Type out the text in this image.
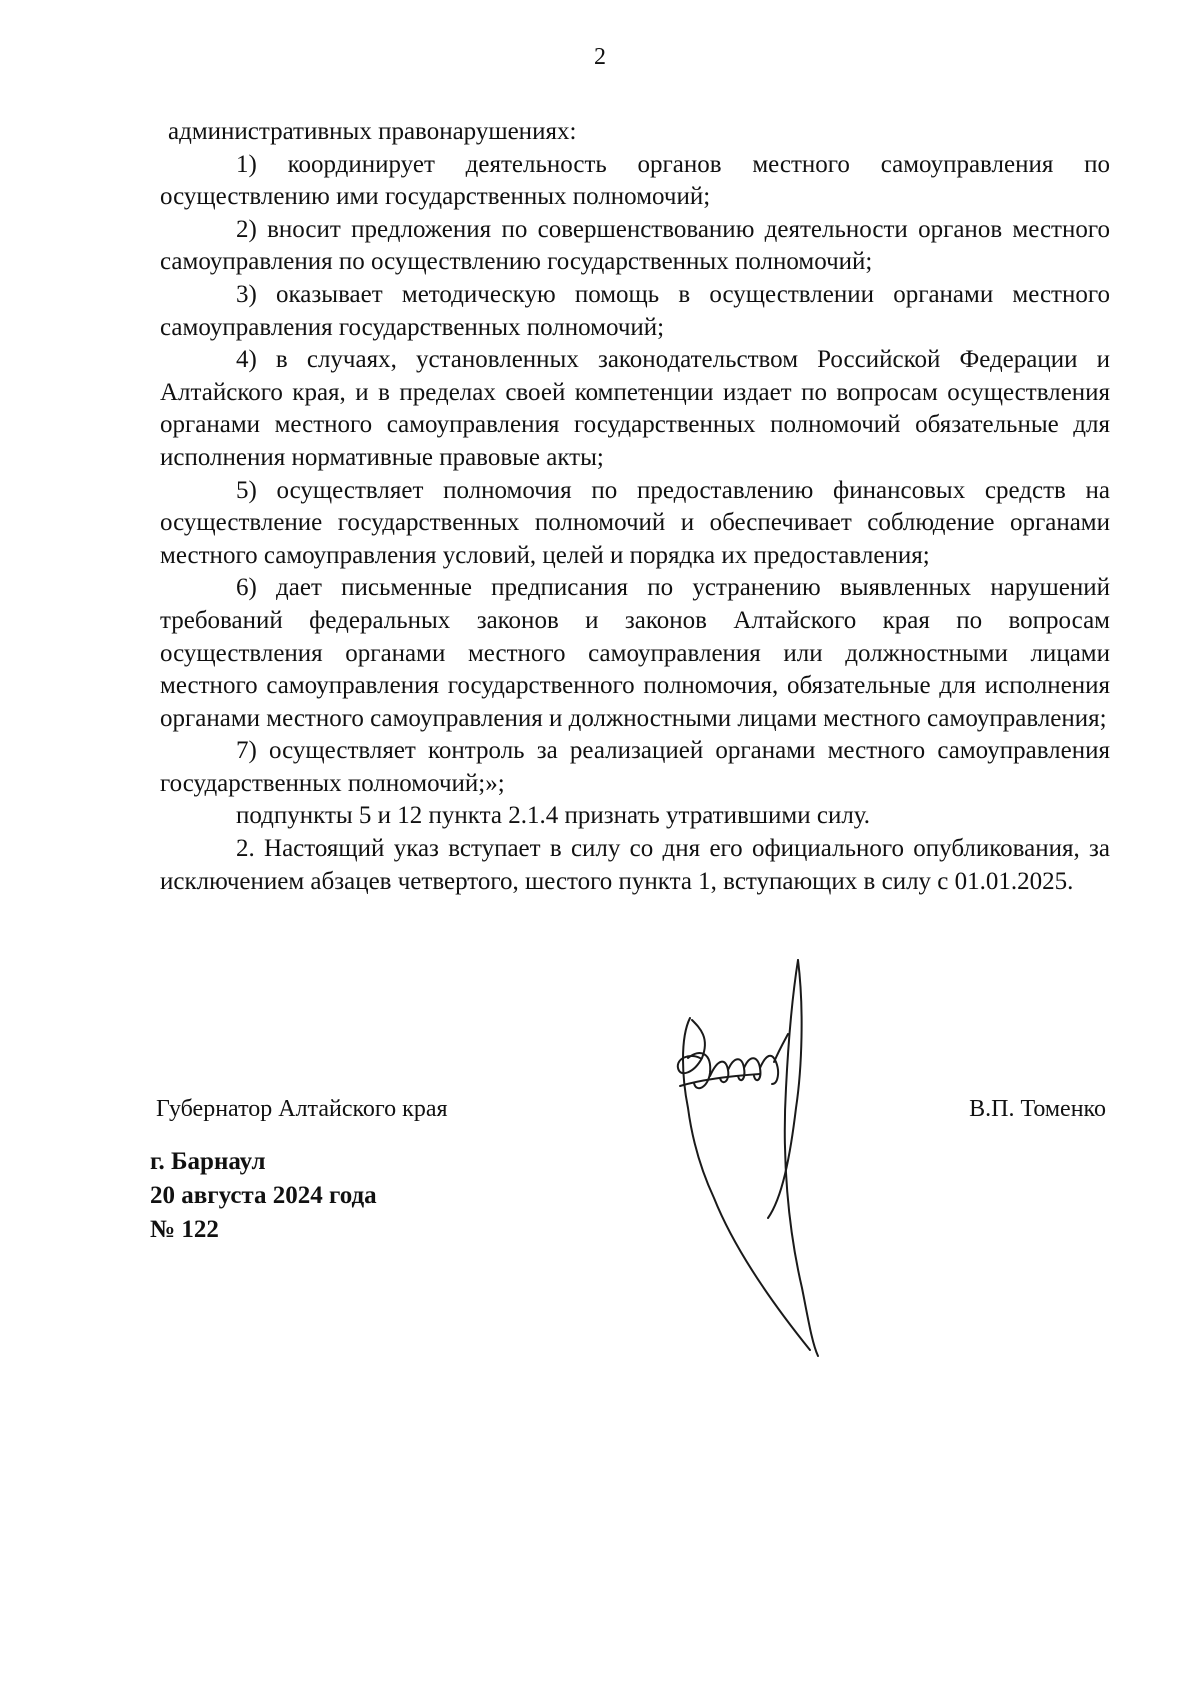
2

административных правонарушениях:

1) координирует деятельность органов местного самоуправления по осуществлению ими государственных полномочий;

2) вносит предложения по совершенствованию деятельности органов местного самоуправления по осуществлению государственных полномочий;

3) оказывает методическую помощь в осуществлении органами местного самоуправления государственных полномочий;

4) в случаях, установленных законодательством Российской Федерации и Алтайского края, и в пределах своей компетенции издает по вопросам осуществления органами местного самоуправления государственных полномочий обязательные для исполнения нормативные правовые акты;

5) осуществляет полномочия по предоставлению финансовых средств на осуществление государственных полномочий и обеспечивает соблюдение органами местного самоуправления условий, целей и порядка их предоставления;

6) дает письменные предписания по устранению выявленных нарушений требований федеральных законов и законов Алтайского края по вопросам осуществления органами местного самоуправления или должностными лицами местного самоуправления государственного полномочия, обязательные для исполнения органами местного самоуправления и должностными лицами местного самоуправления;

7) осуществляет контроль за реализацией органами местного самоуправления государственных полномочий;»;

подпункты 5 и 12 пункта 2.1.4 признать утратившими силу.

2. Настоящий указ вступает в силу со дня его официального опубликования, за исключением абзацев четвертого, шестого пункта 1, вступающих в силу с 01.01.2025.

Губернатор Алтайского края	В.П. Томенко
г. Барнаул
20 августа 2024 года
№ 122
